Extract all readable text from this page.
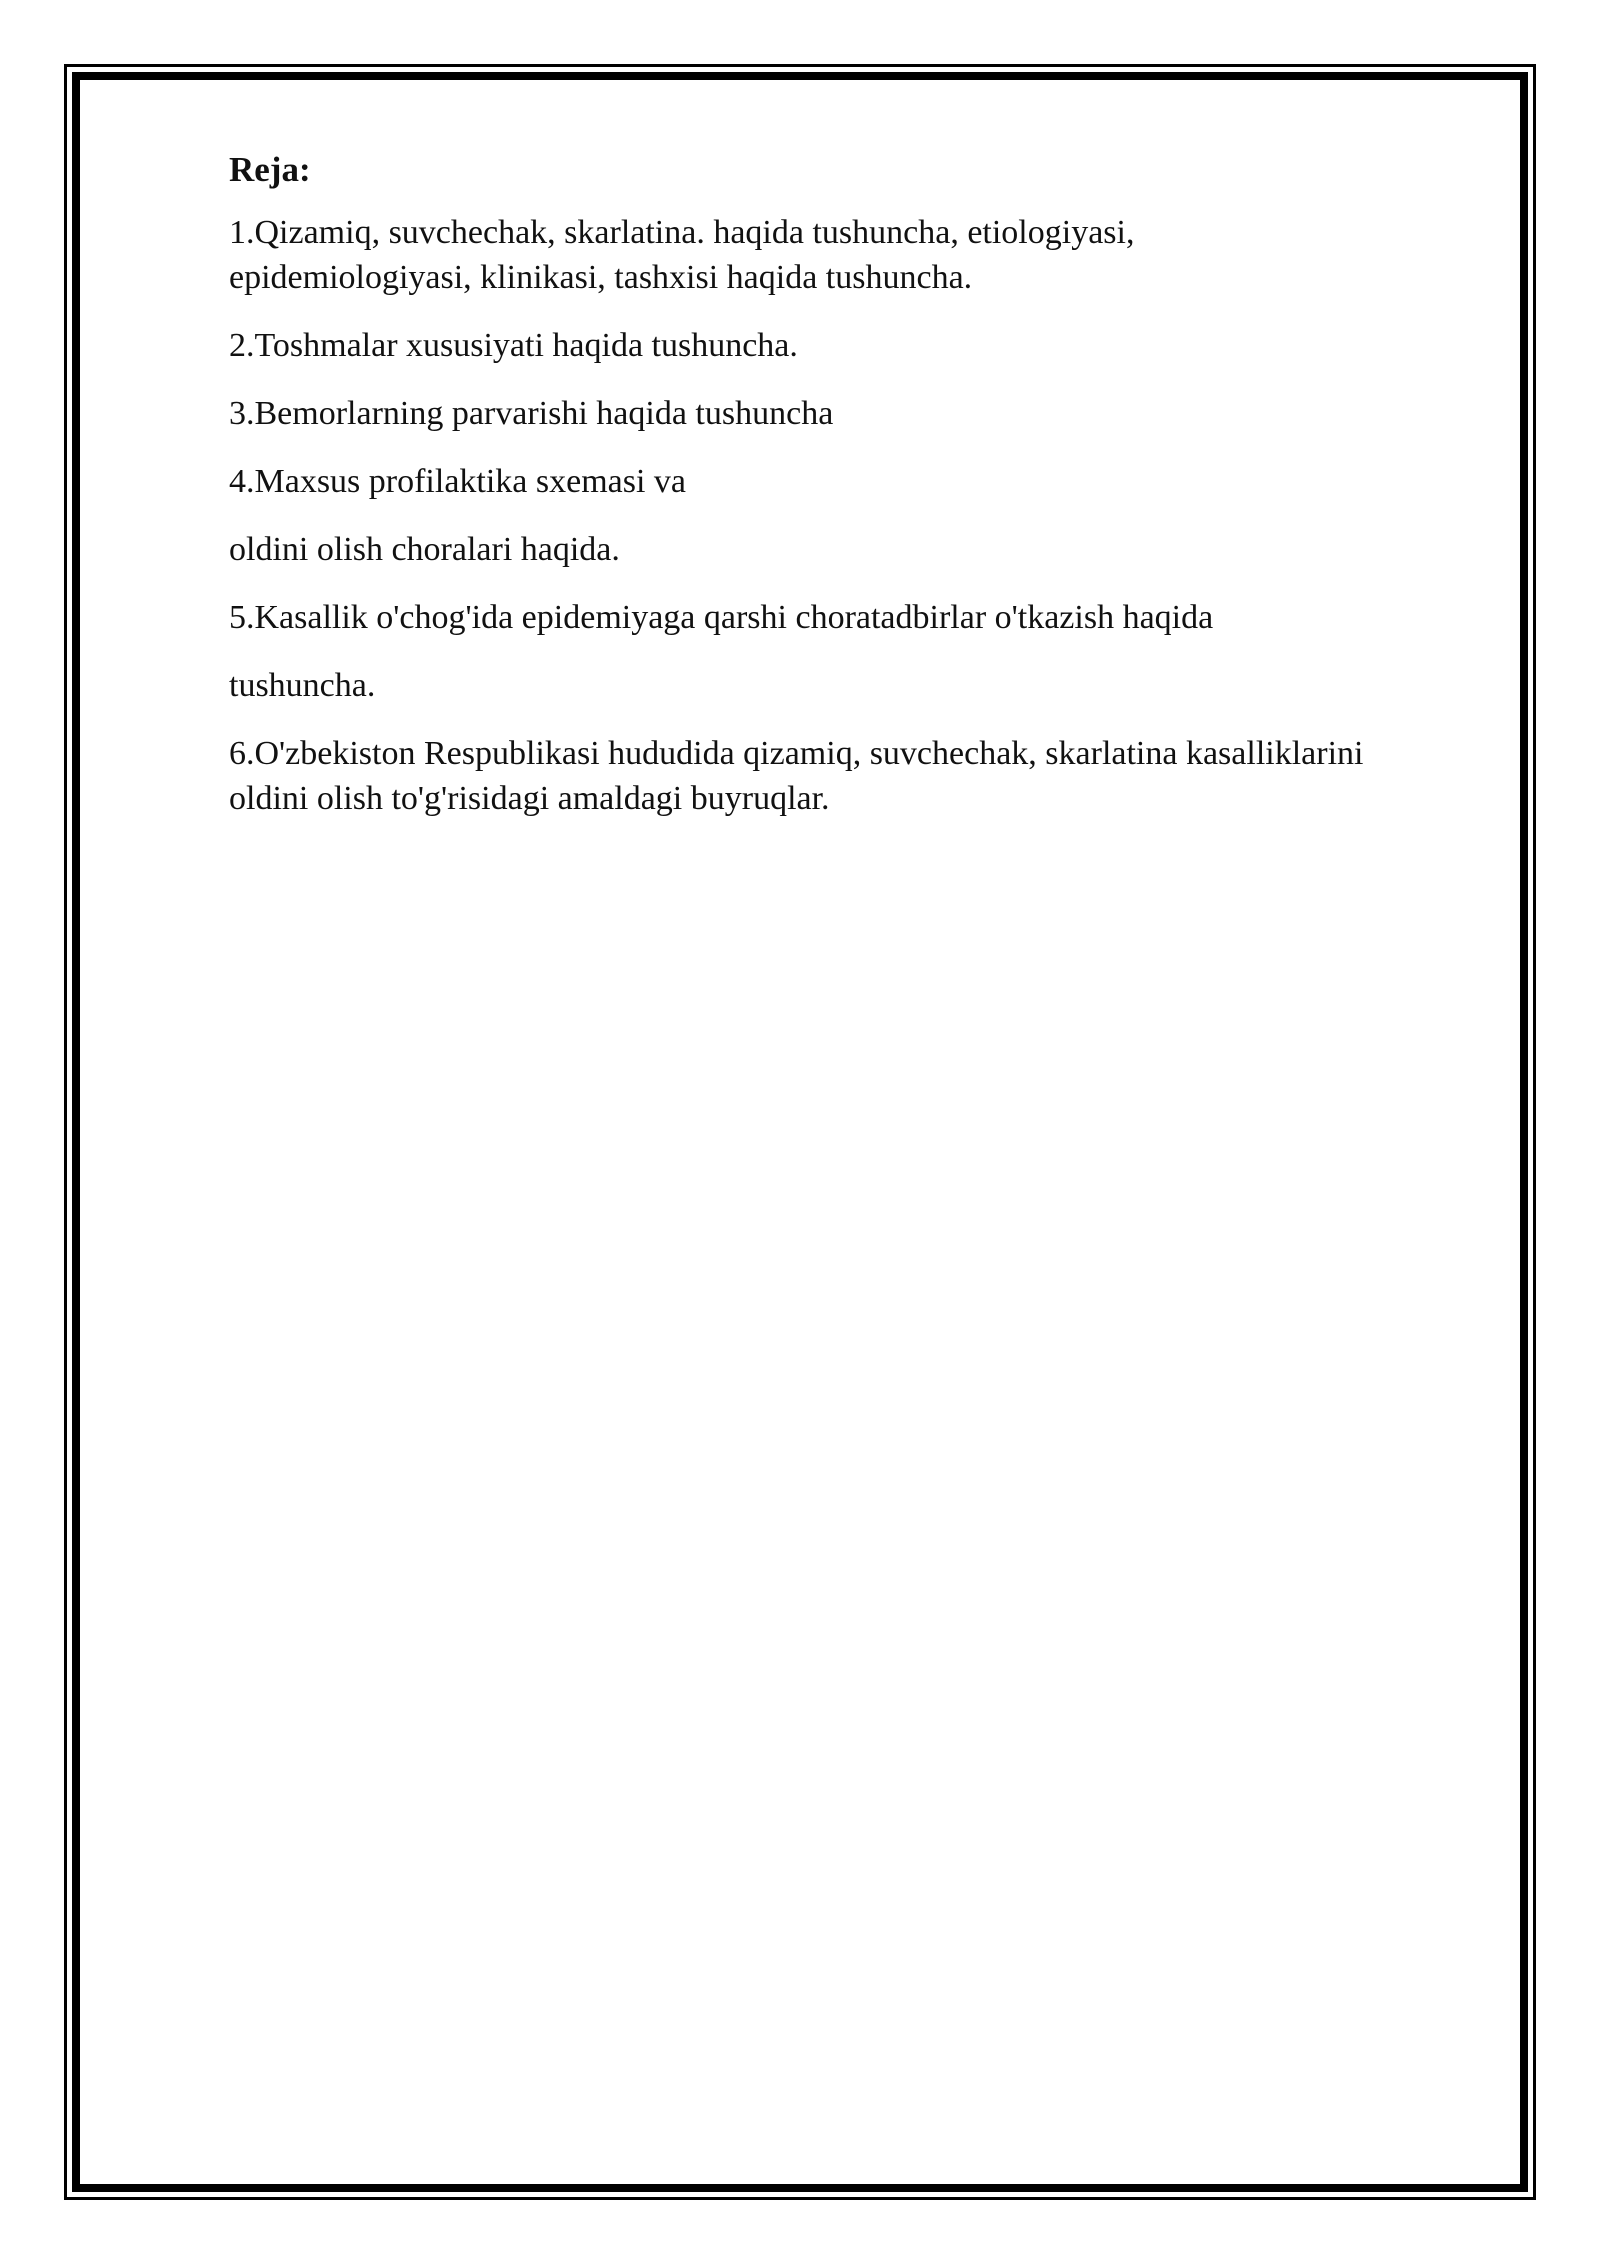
Reja:
1.Qizamiq, suvchechak, skarlatina. haqida tushuncha, etiologiyasi,
epidemiologiyasi, klinikasi, tashxisi haqida tushuncha.
2.Toshmalar xususiyati haqida tushuncha.
3.Bemorlarning parvarishi haqida tushuncha
4.Maxsus profilaktika sxemasi va
oldini olish choralari haqida.
5.Kasallik o'chog'ida epidemiyaga qarshi choratadbirlar o'tkazish haqida
tushuncha.
6.O'zbekiston Respublikasi hududida qizamiq, suvchechak, skarlatina kasalliklarini
oldini olish to'g'risidagi amaldagi buyruqlar.
